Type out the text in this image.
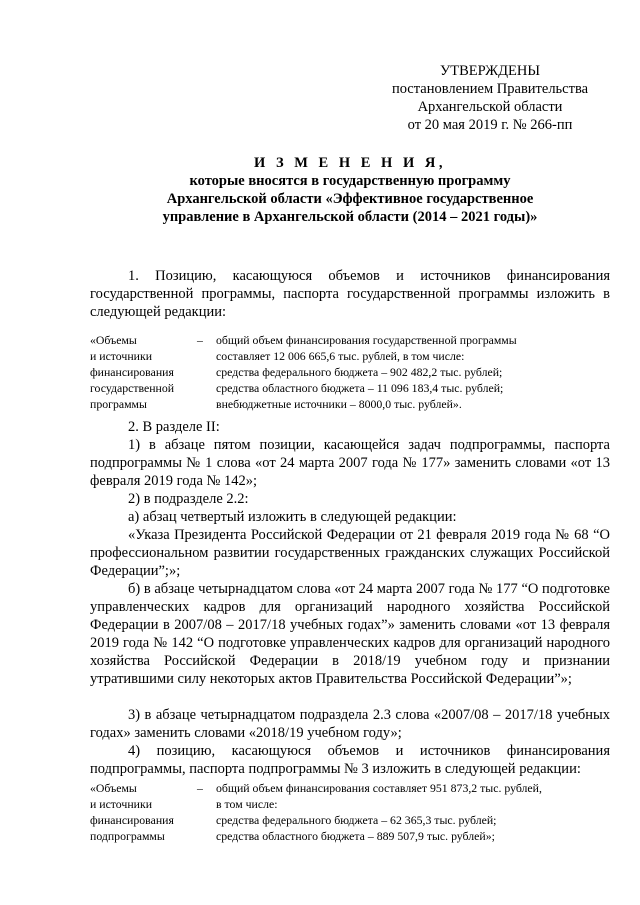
УТВЕРЖДЕНЫ
постановлением Правительства
Архангельской области
от 20 мая 2019 г. № 266-пп
И З М Е Н Е Н И Я,
которые вносятся в государственную программу
Архангельской области «Эффективное государственное
управление в Архангельской области (2014 – 2021 годы)»
1. Позицию, касающуюся объемов и источников финансирования государственной программы, паспорта государственной программы изложить в следующей редакции:
«Объемы
и источники
финансирования
государственной
программы
–	общий объем финансирования государственной программы
составляет 12 006 665,6 тыс. рублей, в том числе:
средства федерального бюджета – 902 482,2 тыс. рублей;
средства областного бюджета – 11 096 183,4 тыс. рублей;
внебюджетные источники – 8000,0 тыс. рублей».
2. В разделе II:
1) в абзаце пятом позиции, касающейся задач подпрограммы, паспорта подпрограммы № 1 слова «от 24 марта 2007 года № 177» заменить словами «от 13 февраля 2019 года № 142»;
2) в подразделе 2.2:
а) абзац четвертый изложить в следующей редакции:
«Указа Президента Российской Федерации от 21 февраля 2019 года № 68 “О профессиональном развитии государственных гражданских служащих Российской Федерации”;»;
б) в абзаце четырнадцатом слова «от 24 марта 2007 года № 177 “О подготовке управленческих кадров для организаций народного хозяйства Российской Федерации в 2007/08 – 2017/18 учебных годах”» заменить словами «от 13 февраля 2019 года № 142 “О подготовке управленческих кадров для организаций народного хозяйства Российской Федерации в 2018/19 учебном году и признании утратившими силу некоторых актов Правительства Российской Федерации”»;
3) в абзаце четырнадцатом подраздела 2.3 слова «2007/08 – 2017/18 учебных годах» заменить словами «2018/19 учебном году»;
4) позицию, касающуюся объемов и источников финансирования подпрограммы, паспорта подпрограммы № 3 изложить в следующей редакции:
«Объемы
и источники
финансирования
подпрограммы
–	общий объем финансирования составляет 951 873,2 тыс. рублей,
в том числе:
средства федерального бюджета – 62 365,3 тыс. рублей;
средства областного бюджета – 889 507,9 тыс. рублей»;
